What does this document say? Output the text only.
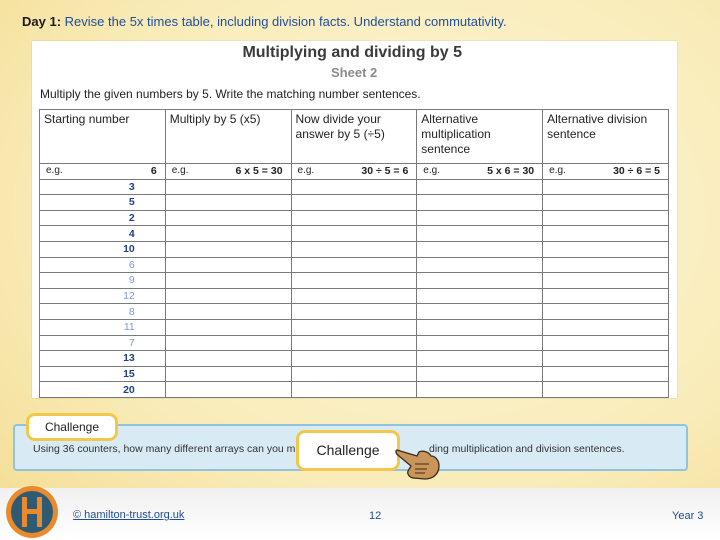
Day 1: Revise the 5x times table, including division facts. Understand commutativity.
Multiplying and dividing by 5
Sheet 2
Multiply the given numbers by 5. Write the matching number sentences.
Starting number	Multiply by 5 (x5)	Now divide your answer by 5 (÷5)	Alternative multiplication sentence	Alternative division sentence

e.g. 6	e.g. 6 x 5 = 30	e.g. 30 ÷ 5 = 6	e.g. 5 x 6 = 30	e.g. 30 ÷ 6 = 5

3				
5				
2				
4				
10				
6				
9				
12				
8				
11				
7				
13				
15				
20				
Using 36 counters, how many different arrays can you m	ding multiplication and division sentences.
Challenge
Challenge
© hamilton-trust.org.uk	12	Year 3
